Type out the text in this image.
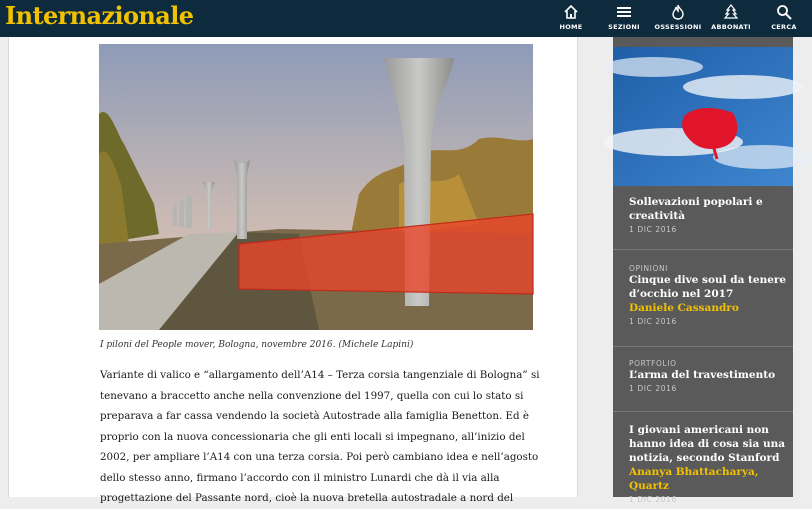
Internazionale	HOME	SEZIONI	OSSESSIONI	ABBONATI	CERCA
I piloni del People mover, Bologna, novembre 2016. (Michele Lapini)

Variante di valico e “allargamento dell’A14 – Terza corsia tangenziale di Bologna” si

tenevano a braccetto anche nella convenzione del 1997, quella con cui lo stato si

preparava a far cassa vendendo la società Autostrade alla famiglia Benetton. Ed è

proprio con la nuova concessionaria che gli enti locali si impegnano, all’inizio del

2002, per ampliare l’A14 con una terza corsia. Poi però cambiano idea e nell’agosto

dello stesso anno, firmano l’accordo con il ministro Lunardi che dà il via alla

progettazione del Passante nord, cioè la nuova bretella autostradale a nord del

Sollevazioni popolari e
creatività
1 DIC 2016
OPINIONI
Cinque dive soul da tenere
d’occhio nel 2017
Daniele Cassandro
1 DIC 2016
PORTFOLIO
L’arma del travestimento
1 DIC 2016
I giovani americani non
hanno idea di cosa sia una
notizia, secondo Stanford
Ananya Bhattacharya, Quartz
1 DIC 2016
